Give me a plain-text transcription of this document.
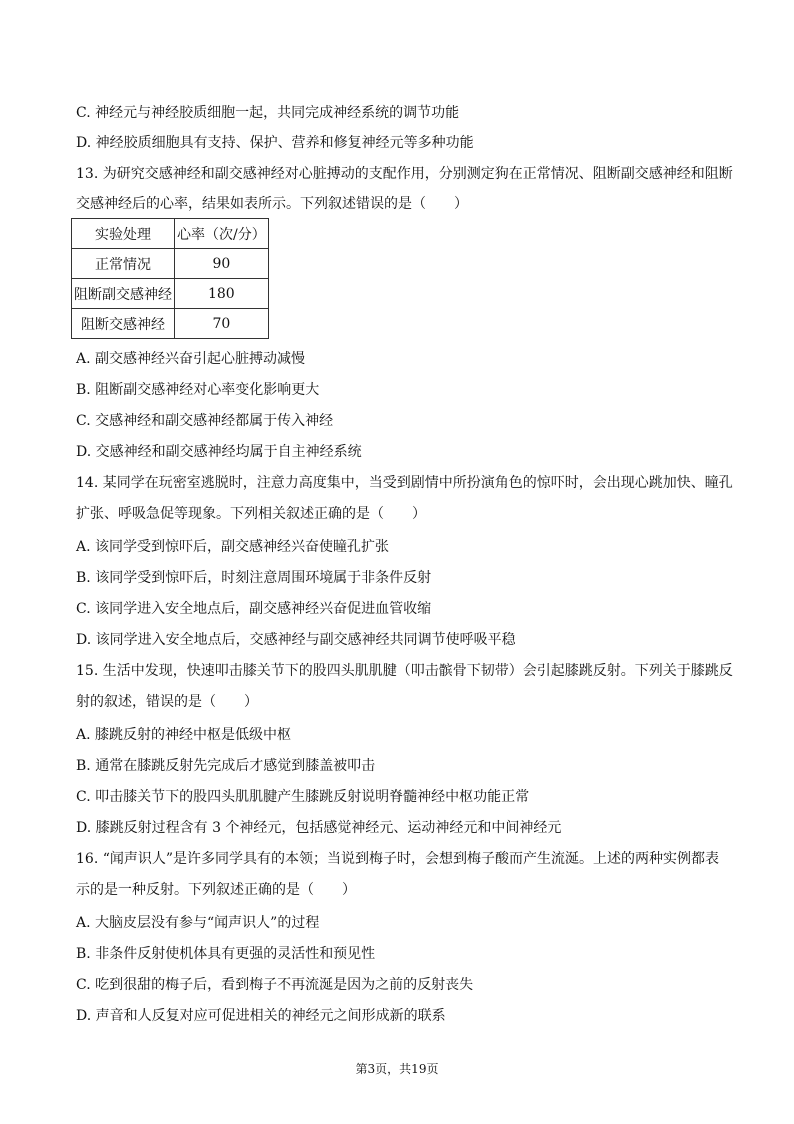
C. 神经元与神经胶质细胞一起，共同完成神经系统的调节功能
D. 神经胶质细胞具有支持、保护、营养和修复神经元等多种功能
13. 为研究交感神经和副交感神经对心脏搏动的支配作用，分别测定狗在正常情况、阻断副交感神经和阻断
交感神经后的心率，结果如表所示。下列叙述错误的是（　　）
实验处理	心率（次/分）
正常情况	90
阻断副交感神经	180
阻断交感神经	70
A. 副交感神经兴奋引起心脏搏动减慢
B. 阻断副交感神经对心率变化影响更大
C. 交感神经和副交感神经都属于传入神经
D. 交感神经和副交感神经均属于自主神经系统
14. 某同学在玩密室逃脱时，注意力高度集中，当受到剧情中所扮演角色的惊吓时，会出现心跳加快、瞳孔
扩张、呼吸急促等现象。下列相关叙述正确的是（　　）
A. 该同学受到惊吓后，副交感神经兴奋使瞳孔扩张
B. 该同学受到惊吓后，时刻注意周围环境属于非条件反射
C. 该同学进入安全地点后，副交感神经兴奋促进血管收缩
D. 该同学进入安全地点后，交感神经与副交感神经共同调节使呼吸平稳
15. 生活中发现，快速叩击膝关节下的股四头肌肌腱（叩击髌骨下韧带）会引起膝跳反射。下列关于膝跳反
射的叙述，错误的是（　　）
A. 膝跳反射的神经中枢是低级中枢
B. 通常在膝跳反射先完成后才感觉到膝盖被叩击
C. 叩击膝关节下的股四头肌肌腱产生膝跳反射说明脊髓神经中枢功能正常
D. 膝跳反射过程含有 3 个神经元，包括感觉神经元、运动神经元和中间神经元
16. “闻声识人”是许多同学具有的本领；当说到梅子时，会想到梅子酸而产生流涎。上述的两种实例都表
示的是一种反射。下列叙述正确的是（　　）
A. 大脑皮层没有参与“闻声识人”的过程
B. 非条件反射使机体具有更强的灵活性和预见性
C. 吃到很甜的梅子后，看到梅子不再流涎是因为之前的反射丧失
D. 声音和人反复对应可促进相关的神经元之间形成新的联系
第3页，共19页
